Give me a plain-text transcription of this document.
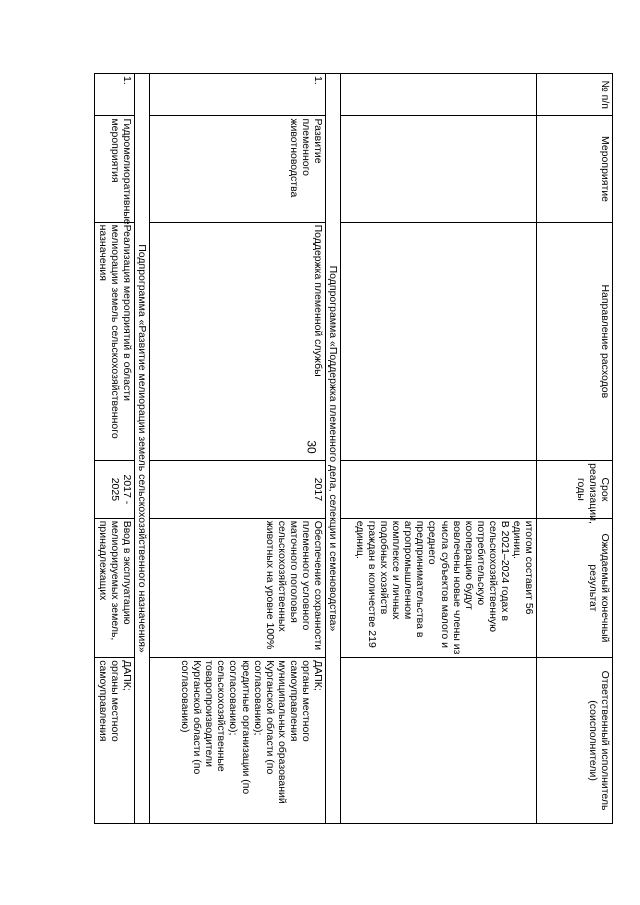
30
№ п/п	Мероприятие	Направление расходов	Срок реализации, годы	Ожидаемый конечный результат	Ответственный исполнитель (соисполнители)
				итогом составит 56 единиц.
В 2021–2024 годах в сельскохозяйственную потребительскую кооперацию будут вовлечены новые члены из числа субъектов малого и среднего предпринимательства в агропромышленном комплексе и личных подобных хозяйств граждан в количестве 219 единиц.	
Подпрограмма «Поддержка племенного дела, селекции и семеноводства»					
1.	Развитие племенного животноводства	Поддержка племенной службы	2017	Обеспечение сохранности племенного условного маточного поголовья сельскохозяйственных животных на уровне 100%	ДАПК;
органы местного самоуправления муниципальных образований Курганской области (по согласованию);
кредитные организации (по согласованию);
сельскохозяйственные товаропроизводители Курганской области (по согласованию)
Подпрограмма «Развитие мелиорации земель сельскохозяйственного назначения»					
1.	Гидромелиоративные мероприятия	Реализация мероприятий в области мелиорации земель сельскохозяйственного назначения	2017 - 2025	Ввод в эксплуатацию мелиорируемых земель, принадлежащих	ДАПК;
органы местного самоуправления
